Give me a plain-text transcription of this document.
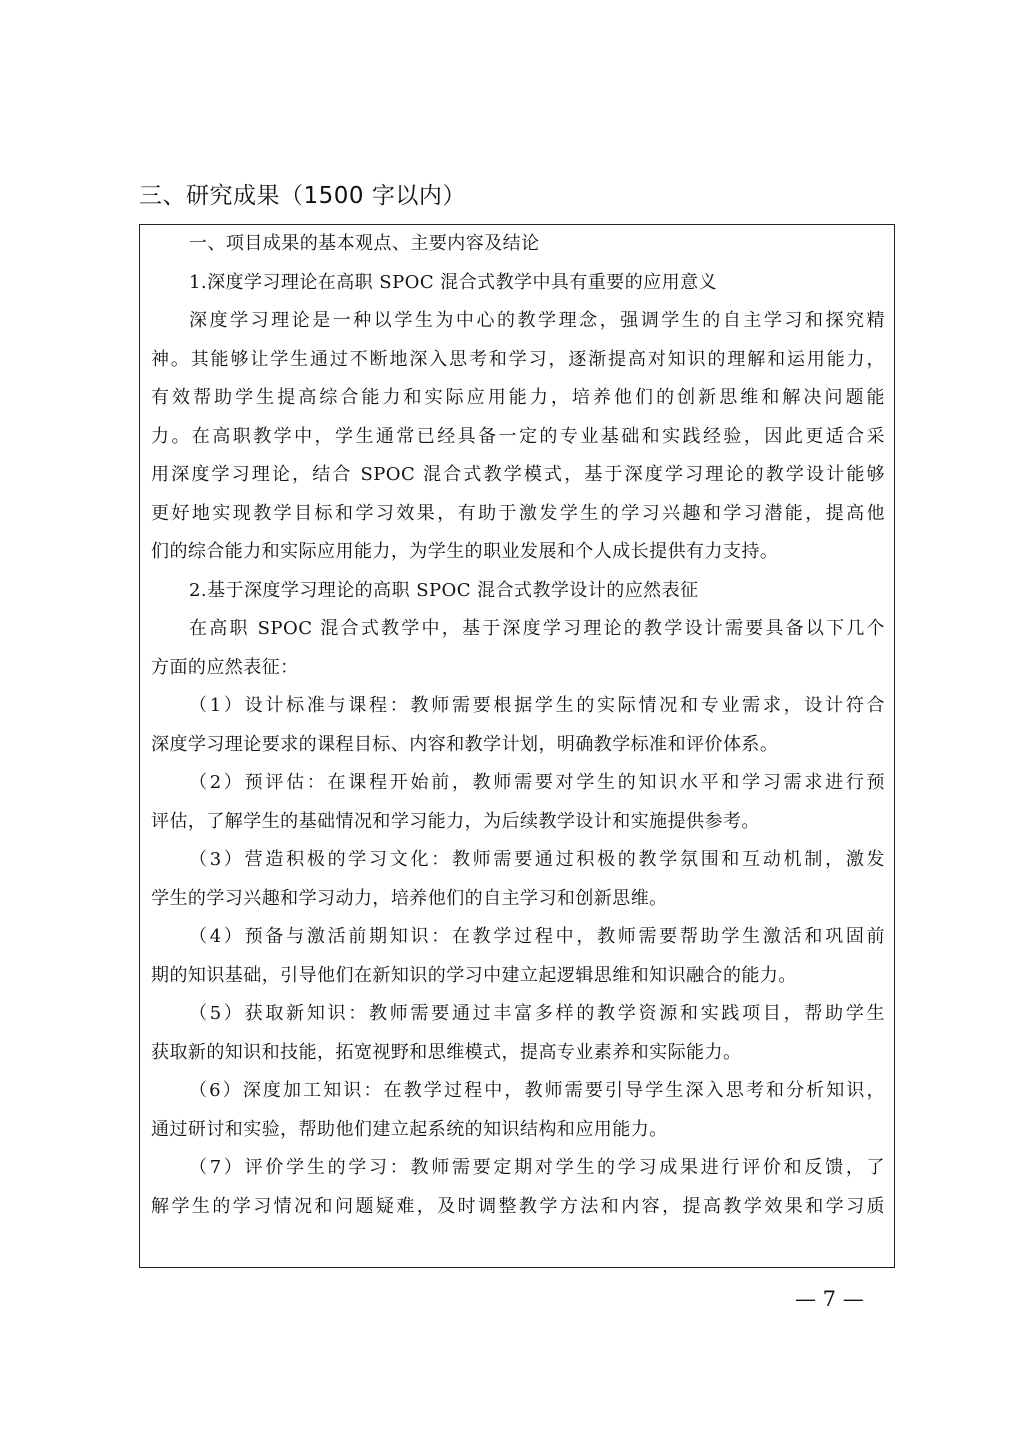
三、研究成果（1500 字以内）
一、项目成果的基本观点、主要内容及结论
1.深度学习理论在高职 SPOC 混合式教学中具有重要的应用意义
深度学习理论是一种以学生为中心的教学理念，强调学生的自主学习和探究精
神。其能够让学生通过不断地深入思考和学习，逐渐提高对知识的理解和运用能力，
有效帮助学生提高综合能力和实际应用能力，培养他们的创新思维和解决问题能
力。在高职教学中，学生通常已经具备一定的专业基础和实践经验，因此更适合采
用深度学习理论，结合 SPOC 混合式教学模式，基于深度学习理论的教学设计能够
更好地实现教学目标和学习效果，有助于激发学生的学习兴趣和学习潜能，提高他
们的综合能力和实际应用能力，为学生的职业发展和个人成长提供有力支持。
2.基于深度学习理论的高职 SPOC 混合式教学设计的应然表征
在高职 SPOC 混合式教学中，基于深度学习理论的教学设计需要具备以下几个
方面的应然表征：
（1）设计标准与课程：教师需要根据学生的实际情况和专业需求，设计符合
深度学习理论要求的课程目标、内容和教学计划，明确教学标准和评价体系。
（2）预评估：在课程开始前，教师需要对学生的知识水平和学习需求进行预
评估，了解学生的基础情况和学习能力，为后续教学设计和实施提供参考。
（3）营造积极的学习文化：教师需要通过积极的教学氛围和互动机制，激发
学生的学习兴趣和学习动力，培养他们的自主学习和创新思维。
（4）预备与激活前期知识：在教学过程中，教师需要帮助学生激活和巩固前
期的知识基础，引导他们在新知识的学习中建立起逻辑思维和知识融合的能力。
（5）获取新知识：教师需要通过丰富多样的教学资源和实践项目，帮助学生
获取新的知识和技能，拓宽视野和思维模式，提高专业素养和实际能力。
（6）深度加工知识：在教学过程中，教师需要引导学生深入思考和分析知识，
通过研讨和实验，帮助他们建立起系统的知识结构和应用能力。
（7）评价学生的学习：教师需要定期对学生的学习成果进行评价和反馈，了
解学生的学习情况和问题疑难，及时调整教学方法和内容，提高教学效果和学习质
— 7 —
